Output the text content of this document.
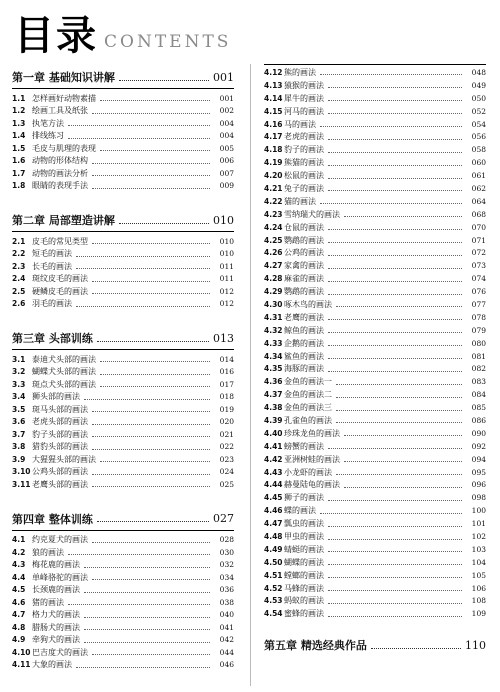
目录 CONTENTS
第一章 基础知识讲解	001
1.1 怎样画好动物素描	001
1.2 绘画工具及纸张	002
1.3 执笔方法	004
1.4 排线练习	004
1.5 毛皮与肌理的表现	005
1.6 动物的形体结构	006
1.7 动物的画法分析	007
1.8 眼睛的表现手法	009
第二章 局部塑造讲解	010
2.1 皮毛的常见类型	010
2.2 短毛的画法	010
2.3 长毛的画法	011
2.4 斑纹皮毛的画法	011
2.5 硬鳞皮毛的画法	012
2.6 羽毛的画法	012
第三章 头部训练	013
3.1 泰迪犬头部的画法	014
3.2 蝴蝶犬头部的画法	016
3.3 斑点犬头部的画法	017
3.4 狮头部的画法	018
3.5 斑马头部的画法	019
3.6 老虎头部的画法	020
3.7 豹子头部的画法	021
3.8 猎豹头部的画法	022
3.9 大猩猩头部的画法	023
3.10 公鸡头部的画法	024
3.11 老鹰头部的画法	025
第四章 整体训练	027
4.1 约克夏犬的画法	028
4.2 狼的画法	030
4.3 梅花鹿的画法	032
4.4 单峰骆驼的画法	034
4.5 长颈鹿的画法	036
4.6 猪的画法	038
4.7 格力犬的画法	040
4.8 腊肠犬的画法	041
4.9 牵狗犬的画法	042
4.10 巴吉度犬的画法	044
4.11 大象的画法	046
4.12 熊的画法	048
4.13 猿猴的画法	049
4.14 犀牛的画法	050
4.15 河马的画法	052
4.16 马的画法	054
4.17 老虎的画法	056
4.18 豹子的画法	058
4.19 熊猫的画法	060
4.20 松鼠的画法	061
4.21 兔子的画法	062
4.22 猫的画法	064
4.23 雪纳瑞犬的画法	068
4.24 仓鼠的画法	070
4.25 鹦鹉的画法	071
4.26 公鸡的画法	072
4.27 家禽的画法	073
4.28 麻雀的画法	074
4.29 鹦鹉的画法	076
4.30 啄木鸟的画法	077
4.31 老鹰的画法	078
4.32 鲸鱼的画法	079
4.33 企鹅的画法	080
4.34 鲨鱼的画法	081
4.35 海豚的画法	082
4.36 金鱼的画法一	083
4.37 金鱼的画法二	084
4.38 金鱼的画法三	085
4.39 孔雀鱼的画法	086
4.40 珍珠龙鱼的画法	090
4.41 螃蟹的画法	092
4.42 亚洲树蛙的画法	094
4.43 小龙虾的画法	095
4.44 赫曼陆龟的画法	096
4.45 狮子的画法	098
4.46 蝶的画法	100
4.47 瓢虫的画法	101
4.48 甲虫的画法	102
4.49 蜻蜓的画法	103
4.50 蝴蝶的画法	104
4.51 螳螂的画法	105
4.52 马蜂的画法	106
4.53 蚂蚁的画法	108
4.54 蜜蜂的画法	109
第五章 精选经典作品	110
